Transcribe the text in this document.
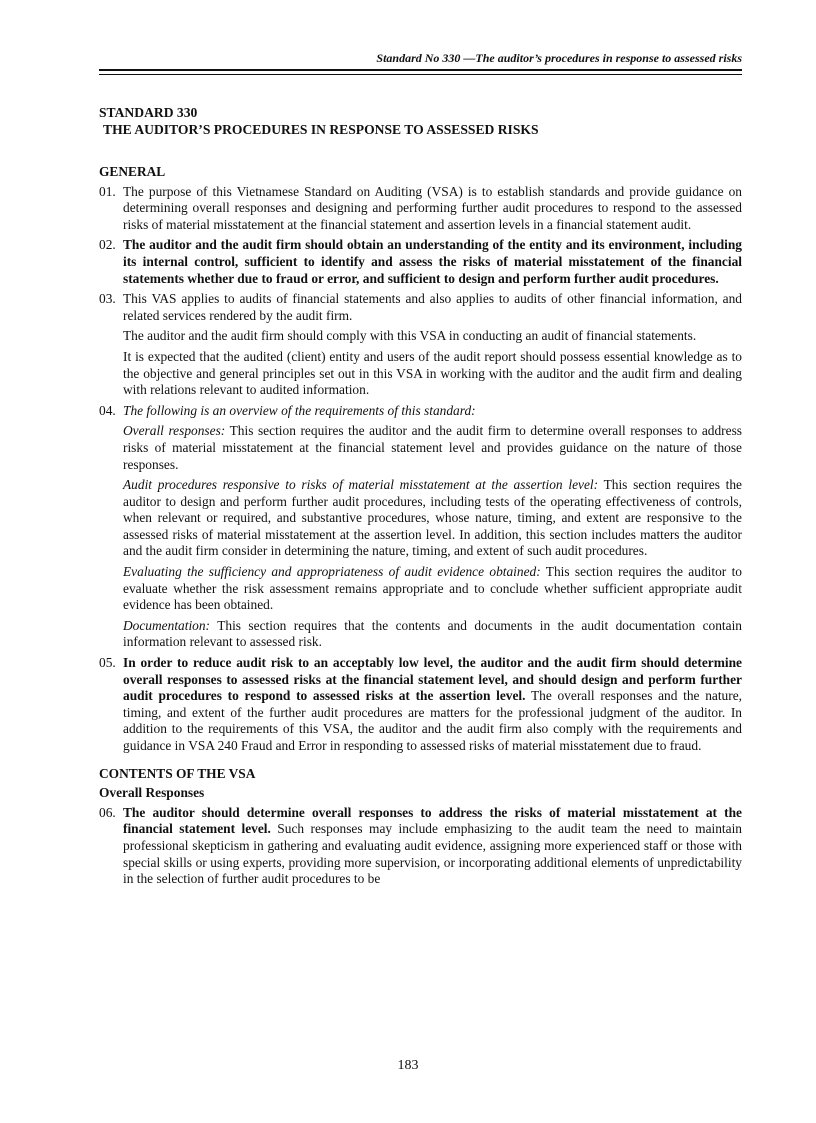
Standard No 330 —The auditor’s procedures in response to assessed risks
STANDARD 330
THE AUDITOR’S PROCEDURES IN RESPONSE TO ASSESSED RISKS
GENERAL
01. The purpose of this Vietnamese Standard on Auditing (VSA) is to establish standards and provide guidance on determining overall responses and designing and performing further audit procedures to respond to the assessed risks of material misstatement at the financial statement and assertion levels in a financial statement audit.
02. The auditor and the audit firm should obtain an understanding of the entity and its environment, including its internal control, sufficient to identify and assess the risks of material misstatement of the financial statements whether due to fraud or error, and sufficient to design and perform further audit procedures.
03. This VAS applies to audits of financial statements and also applies to audits of other financial information, and related services rendered by the audit firm.
The auditor and the audit firm should comply with this VSA in conducting an audit of financial statements.
It is expected that the audited (client) entity and users of the audit report should possess essential knowledge as to the objective and general principles set out in this VSA in working with the auditor and the audit firm and dealing with relations relevant to audited information.
04. The following is an overview of the requirements of this standard:
Overall responses: This section requires the auditor and the audit firm to determine overall responses to address risks of material misstatement at the financial statement level and provides guidance on the nature of those responses.
Audit procedures responsive to risks of material misstatement at the assertion level: This section requires the auditor to design and perform further audit procedures, including tests of the operating effectiveness of controls, when relevant or required, and substantive procedures, whose nature, timing, and extent are responsive to the assessed risks of material misstatement at the assertion level. In addition, this section includes matters the auditor and the audit firm consider in determining the nature, timing, and extent of such audit procedures.
Evaluating the sufficiency and appropriateness of audit evidence obtained: This section requires the auditor to evaluate whether the risk assessment remains appropriate and to conclude whether sufficient appropriate audit evidence has been obtained.
Documentation: This section requires that the contents and documents in the audit documentation contain information relevant to assessed risk.
05. In order to reduce audit risk to an acceptably low level, the auditor and the audit firm should determine overall responses to assessed risks at the financial statement level, and should design and perform further audit procedures to respond to assessed risks at the assertion level. The overall responses and the nature, timing, and extent of the further audit procedures are matters for the professional judgment of the auditor. In addition to the requirements of this VSA, the auditor and the audit firm also comply with the requirements and guidance in VSA 240 Fraud and Error in responding to assessed risks of material misstatement due to fraud.
CONTENTS OF THE VSA
Overall Responses
06. The auditor should determine overall responses to address the risks of material misstatement at the financial statement level. Such responses may include emphasizing to the audit team the need to maintain professional skepticism in gathering and evaluating audit evidence, assigning more experienced staff or those with special skills or using experts, providing more supervision, or incorporating additional elements of unpredictability in the selection of further audit procedures to be
183
